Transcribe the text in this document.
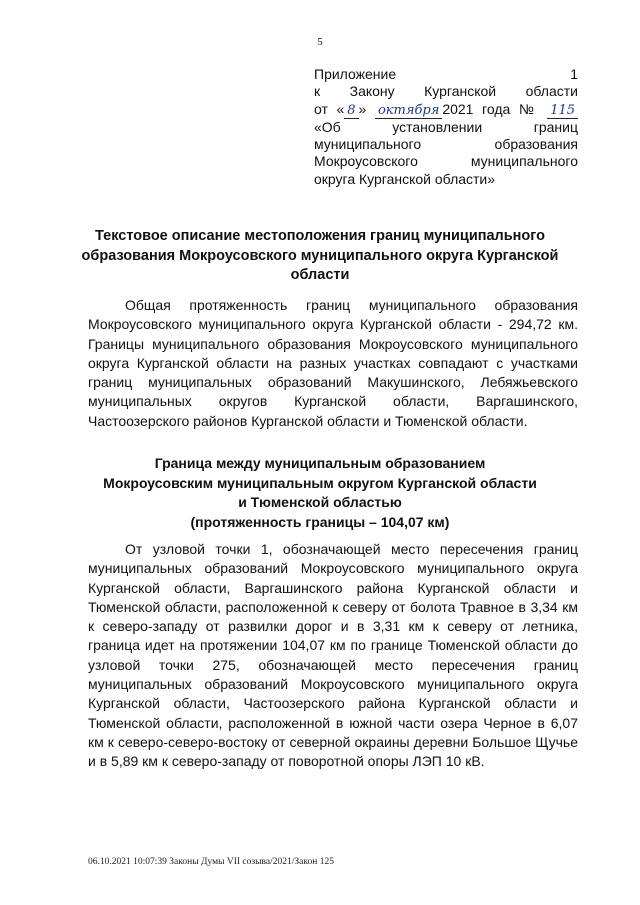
5
Приложение 1
к Закону Курганской области
от « 8 » октября 2021 года № 115
«Об	установлении	границ
муниципального	образования
Мокроусовского	муниципального
округа Курганской области»
Текстовое описание местоположения границ муниципального образования Мокроусовского муниципального округа Курганской области

Общая протяженность границ муниципального образования Мокроусовского муниципального округа Курганской области - 294,72 км. Границы муниципального образования Мокроусовского муниципального округа Курганской области на разных участках совпадают с участками границ муниципальных образований Макушинского, Лебяжьевского муниципальных округов Курганской области, Варгашинского, Частоозерского районов Курганской области и Тюменской области.

Граница между муниципальным образованием
Мокроусовским муниципальным округом Курганской области
и Тюменской областью
(протяженность границы – 104,07 км)

От узловой точки 1, обозначающей место пересечения границ муниципальных образований Мокроусовского муниципального округа Курганской области, Варгашинского района Курганской области и Тюменской области, расположенной к северу от болота Травное в 3,34 км к северо-западу от развилки дорог и в 3,31 км к северу от летника, граница идет на протяжении 104,07 км по границе Тюменской области до узловой точки 275, обозначающей место пересечения границ муниципальных образований Мокроусовского муниципального округа Курганской области, Частоозерского района Курганской области и Тюменской области, расположенной в южной части озера Черное в 6,07 км к северо-северо-востоку от северной окраины деревни Большое Щучье и в 5,89 км к северо-западу от поворотной опоры ЛЭП 10 кВ.

06.10.2021 10:07:39 Законы Думы VII созыва/2021/Закон 125
